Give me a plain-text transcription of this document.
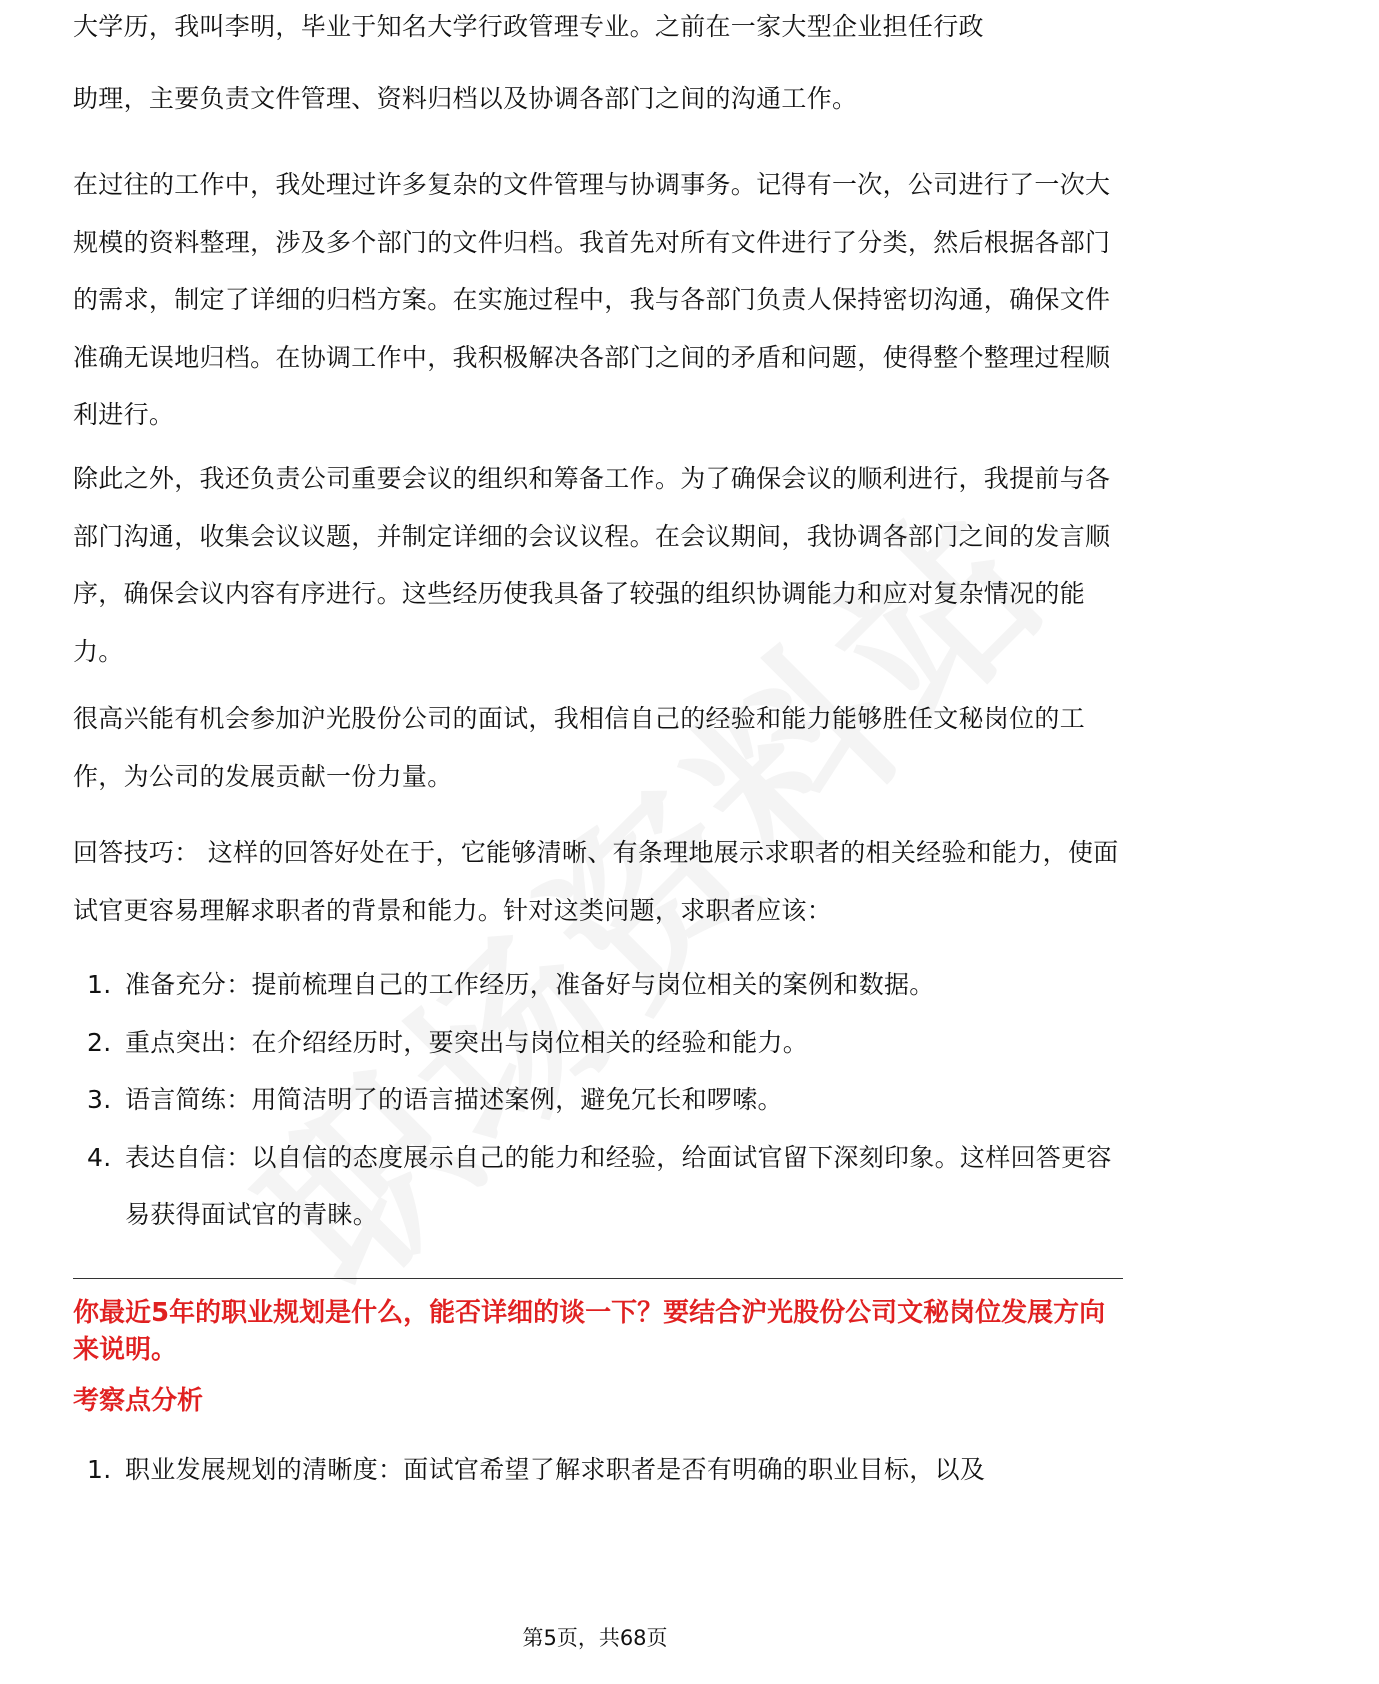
大学历，我叫李明，毕业于知名大学行政管理专业。之前在一家大型企业担任行政

助理，主要负责文件管理、资料归档以及协调各部门之间的沟通工作。

在过往的工作中，我处理过许多复杂的文件管理与协调事务。记得有一次，公司进行了一次大规模的资料整理，涉及多个部门的文件归档。我首先对所有文件进行了分类，然后根据各部门的需求，制定了详细的归档方案。在实施过程中，我与各部门负责人保持密切沟通，确保文件准确无误地归档。在协调工作中，我积极解决各部门之间的矛盾和问题，使得整个整理过程顺利进行。

除此之外，我还负责公司重要会议的组织和筹备工作。为了确保会议的顺利进行，我提前与各部门沟通，收集会议议题，并制定详细的会议议程。在会议期间，我协调各部门之间的发言顺序，确保会议内容有序进行。这些经历使我具备了较强的组织协调能力和应对复杂情况的能力。

很高兴能有机会参加沪光股份公司的面试，我相信自己的经验和能力能够胜任文秘岗位的工作，为公司的发展贡献一份力量。

回答技巧： 这样的回答好处在于，它能够清晰、有条理地展示求职者的相关经验和能力，使面试官更容易理解求职者的背景和能力。针对这类问题，求职者应该：

1. 准备充分：提前梳理自己的工作经历，准备好与岗位相关的案例和数据。
2. 重点突出：在介绍经历时，要突出与岗位相关的经验和能力。
3. 语言简练：用简洁明了的语言描述案例，避免冗长和啰嗦。
4. 表达自信：以自信的态度展示自己的能力和经验，给面试官留下深刻印象。这样回答更容易获得面试官的青睐。

你最近5年的职业规划是什么，能否详细的谈一下？要结合沪光股份公司文秘岗位发展方向来说明。

考察点分析

1. 职业发展规划的清晰度：面试官希望了解求职者是否有明确的职业目标，以及
第5页，共68页
